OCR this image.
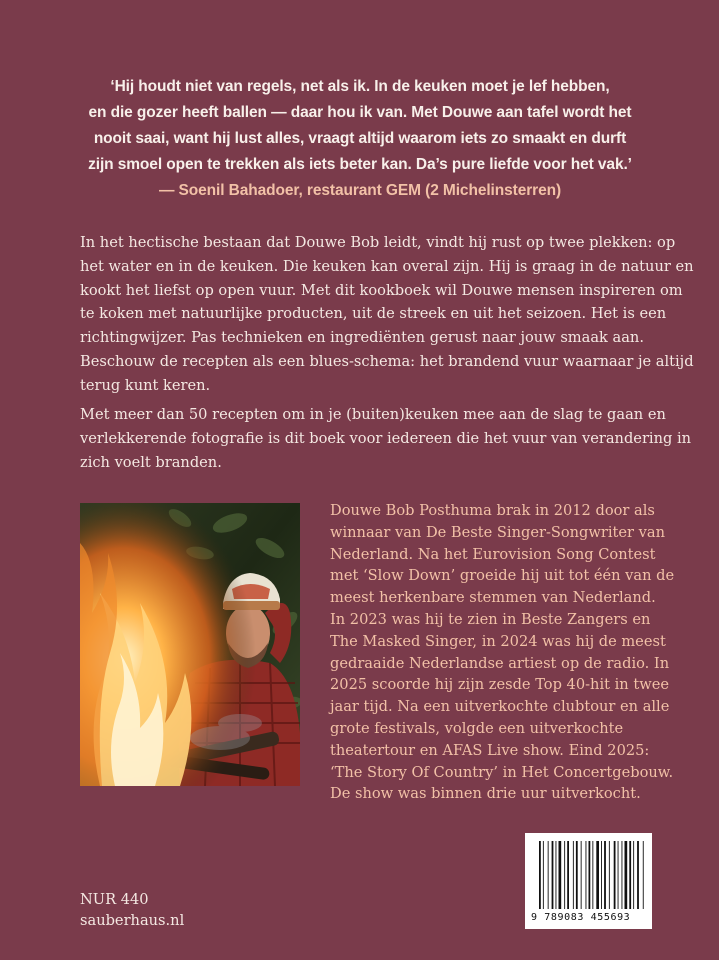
‘Hij houdt niet van regels, net als ik. In de keuken moet je lef hebben,
en die gozer heeft ballen — daar hou ik van. Met Douwe aan tafel wordt het
nooit saai, want hij lust alles, vraagt altijd waarom iets zo smaakt en durft
zijn smoel open te trekken als iets beter kan. Da’s pure liefde voor het vak.’
— Soenil Bahadoer, restaurant GEM (2 Michelinsterren)
In het hectische bestaan dat Douwe Bob leidt, vindt hij rust op twee plekken: op
het water en in de keuken. Die keuken kan overal zijn. Hij is graag in de natuur en
kookt het liefst op open vuur. Met dit kookboek wil Douwe mensen inspireren om
te koken met natuurlijke producten, uit de streek en uit het seizoen. Het is een
richtingwijzer. Pas technieken en ingrediënten gerust naar jouw smaak aan.
Beschouw de recepten als een blues-schema: het brandend vuur waarnaar je altijd
terug kunt keren.
Met meer dan 50 recepten om in je (buiten)keuken mee aan de slag te gaan en
verlekkerende fotografie is dit boek voor iedereen die het vuur van verandering in
zich voelt branden.
Douwe Bob Posthuma brak in 2012 door als
winnaar van De Beste Singer-Songwriter van
Nederland. Na het Eurovision Song Contest
met ‘Slow Down’ groeide hij uit tot één van de
meest herkenbare stemmen van Nederland.
In 2023 was hij te zien in Beste Zangers en
The Masked Singer, in 2024 was hij de meest
gedraaide Nederlandse artiest op de radio. In
2025 scoorde hij zijn zesde Top 40-hit in twee
jaar tijd. Na een uitverkochte clubtour en alle
grote festivals, volgde een uitverkochte
theatertour en AFAS Live show. Eind 2025:
‘The Story Of Country’ in Het Concertgebouw.
De show was binnen drie uur uitverkocht.
NUR 440
sauberhaus.nl	9 789083 455693
